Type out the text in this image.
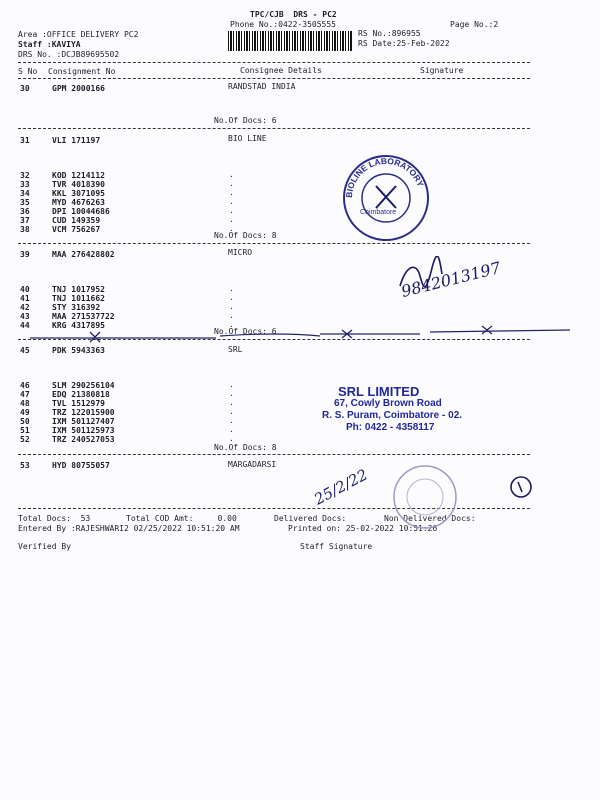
TPC/CJB  DRS - PC2
Phone No.:0422-3505555	Page No.:2
Area :OFFICE DELIVERY PC2
Staff :KAVIYA
DRS No. :DCJB89695502
RS No.:896955
RS Date:25-Feb-2022
S No Consignment No	Consignee Details	Signature
30	GPM 2000166	RANDSTAD INDIA
No.Of Docs: 6
31	VLI 171197	BIO LINE
32	KOD 1214112	.
33	TVR 4018390	.
34	KKL 3071095	.
35	MYD 4676263	.
36	DPI 10044686	.
37	CUD 149359	.
38	VCM 756267	.
No.Of Docs: 8
39	MAA 276428802	MICRO
40	TNJ 1017952	.
41	TNJ 1011662	.
42	STY 316392	.
43	MAA 271537722	.
44	KRG 4317895	.
No.Of Docs: 6
45	PDK 5943363	SRL
46	SLM 290256104	.
47	EDQ 21380818	.
48	TVL 1512979	.
49	TRZ 122015900	.
50	IXM 501127407	.
51	IXM 501125973	.
52	TRZ 240527053	.
No.Of Docs: 8
53	HYD 80755057	MARGADARSI
Total Docs:  53	Total COD Amt:     0.00	Delivered Docs:	Non Delivered Docs:
Entered By :RAJESHWARI2 02/25/2022 10:51:20 AM	Printed on: 25-02-2022 10:51:26
Verified By	Staff Signature
BIOLINE LABORATORY
Coimbatore
SRL LIMITED
67, Cowly Brown Road
R. S. Puram, Coimbatore - 02.
Ph: 0422 - 4358117
9842013197
25/2/22
